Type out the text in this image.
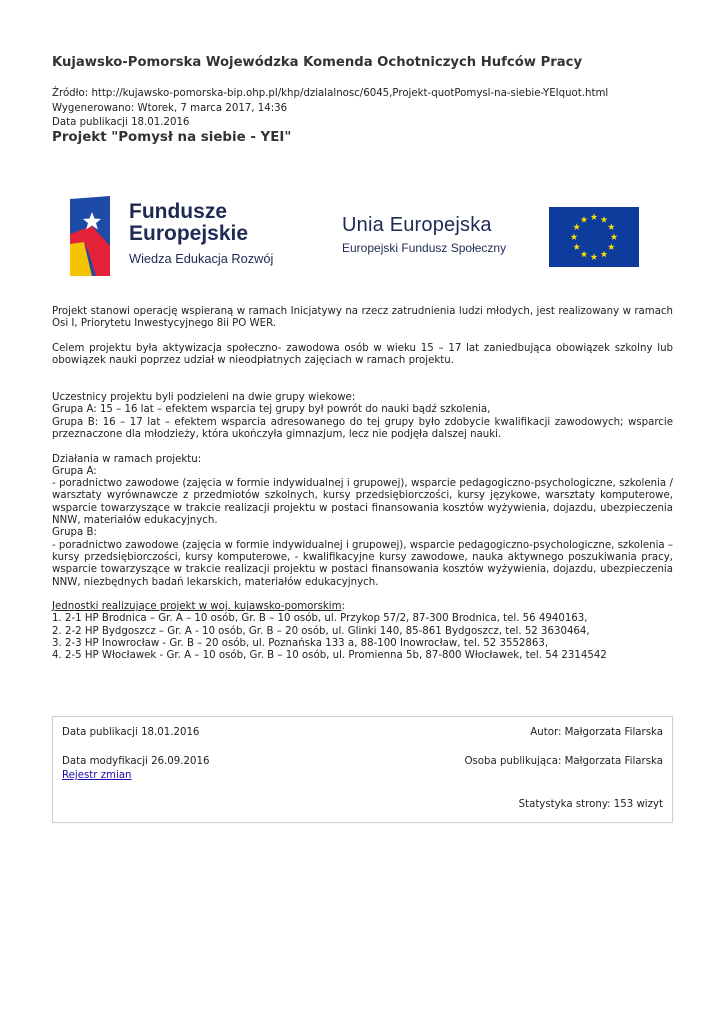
Kujawsko-Pomorska Wojewódzka Komenda Ochotniczych Hufców Pracy
Źródło: http://kujawsko-pomorska-bip.ohp.pl/khp/dzialalnosc/6045,Projekt-quotPomysl-na-siebie-YEIquot.html
Wygenerowano: Wtorek, 7 marca 2017, 14:36
Data publikacji 18.01.2016
Projekt "Pomysł na siebie - YEI"
Fundusze
Europejskie
Wiedza Edukacja Rozwój
Unia Europejska
Europejski Fundusz Społeczny

Projekt stanowi operację wspieraną w ramach Inicjatywy na rzecz zatrudnienia ludzi młodych, jest realizowany w ramach Osi I, Priorytetu Inwestycyjnego 8ii PO WER.

Celem projektu była aktywizacja społeczno- zawodowa osób w wieku 15 – 17 lat zaniedbująca obowiązek szkolny lub obowiązek nauki poprzez udział w nieodpłatnych zajęciach w ramach projektu.

Uczestnicy projektu byli podzieleni na dwie grupy wiekowe:

Grupa A: 15 – 16 lat – efektem wsparcia tej grupy był powrót do nauki bądź szkolenia,

Grupa B: 16 – 17 lat – efektem wsparcia adresowanego do tej grupy było zdobycie kwalifikacji zawodowych; wsparcie przeznaczone dla młodzieży, która ukończyła gimnazjum, lecz nie podjęła dalszej nauki.

Działania w ramach projektu:

Grupa A:

- poradnictwo zawodowe (zajęcia w formie indywidualnej i grupowej), wsparcie pedagogiczno-psychologiczne, szkolenia / warsztaty wyrównawcze z przedmiotów szkolnych, kursy przedsiębiorczości, kursy językowe, warsztaty komputerowe, wsparcie towarzyszące w trakcie realizacji projektu w postaci finansowania kosztów wyżywienia, dojazdu, ubezpieczenia NNW, materiałów edukacyjnych.

Grupa B:

- poradnictwo zawodowe (zajęcia w formie indywidualnej i grupowej), wsparcie pedagogiczno-psychologiczne, szkolenia – kursy przedsiębiorczości, kursy komputerowe, - kwalifikacyjne kursy zawodowe, nauka aktywnego poszukiwania pracy, wsparcie towarzyszące w trakcie realizacji projektu w postaci finansowania kosztów wyżywienia, dojazdu, ubezpieczenia NNW, niezbędnych badań lekarskich, materiałów edukacyjnych.

Jednostki realizujące projekt w woj. kujawsko-pomorskim:

1. 2-1 HP Brodnica – Gr. A – 10 osób, Gr. B – 10 osób, ul. Przykop 57/2, 87-300 Brodnica, tel. 56 4940163,

2. 2-2 HP Bydgoszcz – Gr. A - 10 osób, Gr. B – 20 osób, ul. Glinki 140, 85-861 Bydgoszcz, tel. 52 3630464,

3. 2-3 HP Inowrocław - Gr. B – 20 osób, ul. Poznańska 133 a, 88-100 Inowrocław, tel. 52 3552863,

4. 2-5 HP Włocławek - Gr. A – 10 osób, Gr. B – 10 osób, ul. Promienna 5b, 87-800 Włocławek, tel. 54 2314542

Data publikacji 18.01.2016
Data modyfikacji 26.09.2016
Rejestr zmian
Autor: Małgorzata Filarska
Osoba publikująca: Małgorzata Filarska
Statystyka strony: 153 wizyt
